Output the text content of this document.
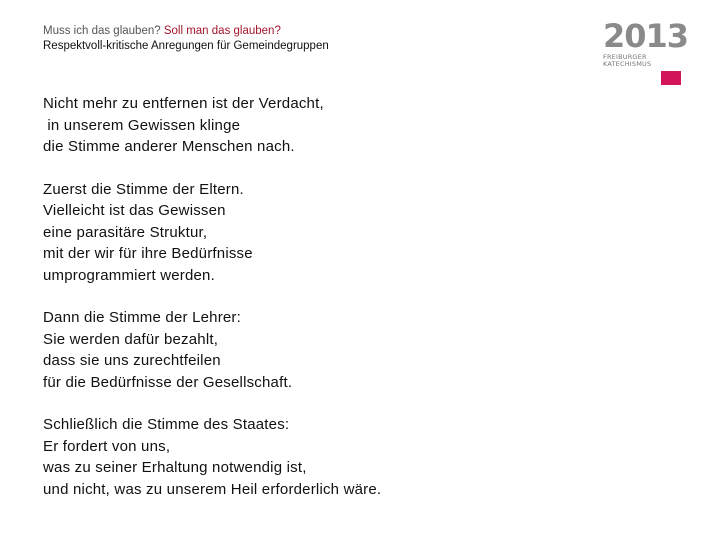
Muss ich das glauben? Soll man das glauben?
Respektvoll-kritische Anregungen für Gemeindegruppen	2013
FREIBURGER
KATECHISMUS
Nicht mehr zu entfernen ist der Verdacht,
in unserem Gewissen klinge
die Stimme anderer Menschen nach.
Zuerst die Stimme der Eltern.
Vielleicht ist das Gewissen
eine parasitäre Struktur,
mit der wir für ihre Bedürfnisse
umprogrammiert werden.
Dann die Stimme der Lehrer:
Sie werden dafür bezahlt,
dass sie uns zurechtfeilen
für die Bedürfnisse der Gesellschaft.
Schließlich die Stimme des Staates:
Er fordert von uns,
was zu seiner Erhaltung notwendig ist,
und nicht, was zu unserem Heil erforderlich wäre.
